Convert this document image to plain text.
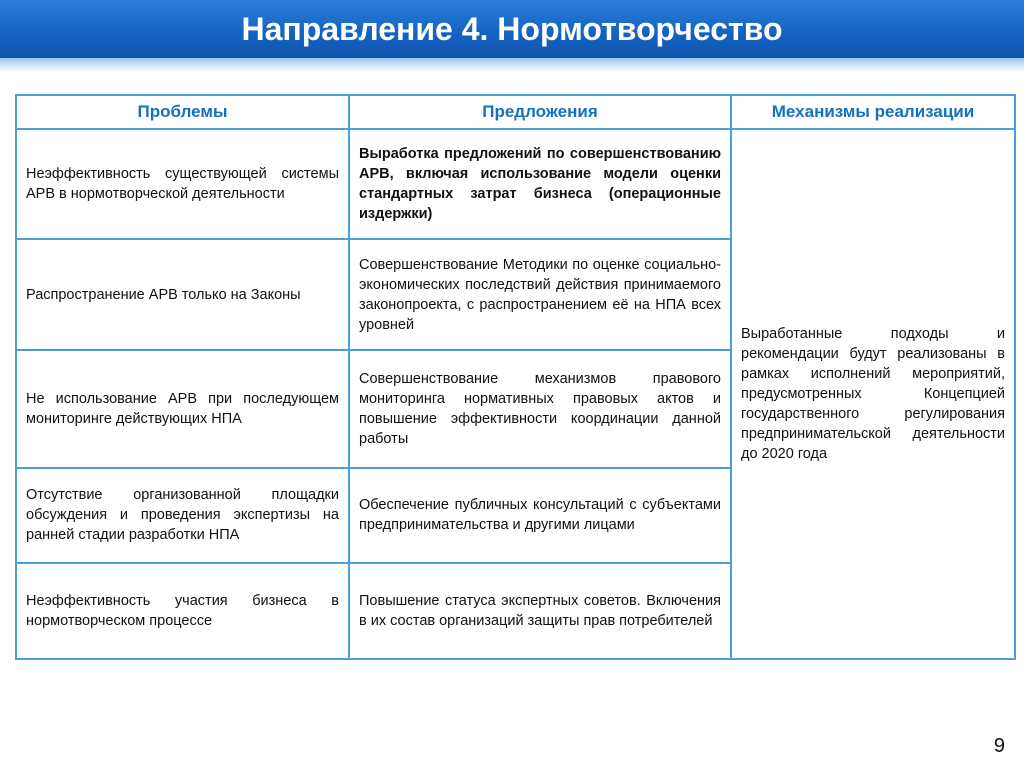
Направление 4. Нормотворчество
Проблемы	Предложения	Механизмы реализации
Неэффективность существующей системы АРВ в нормотворческой деятельности	Выработка предложений по совершенствованию АРВ, включая использование модели оценки стандартных затрат бизнеса (операционные издержки)	Выработанные подходы и рекомендации будут реализованы в рамках исполнений мероприятий, предусмотренных Концепцией государственного регулирования предпринимательской деятельности до 2020 года
Распространение АРВ только на Законы	Совершенствование Методики по оценке социально-экономических последствий действия принимаемого законопроекта, с распространением её на НПА всех уровней	
Не использование АРВ при последующем мониторинге действующих НПА	Совершенствование механизмов правового мониторинга нормативных правовых актов и повышение эффективности координации данной работы	
Отсутствие организованной площадки обсуждения и проведения экспертизы на ранней стадии разработки НПА	Обеспечение публичных консультаций с субъектами предпринимательства и другими лицами	
Неэффективность участия бизнеса в нормотворческом процессе	Повышение статуса экспертных советов. Включения в их состав организаций защиты прав потребителей	
9
